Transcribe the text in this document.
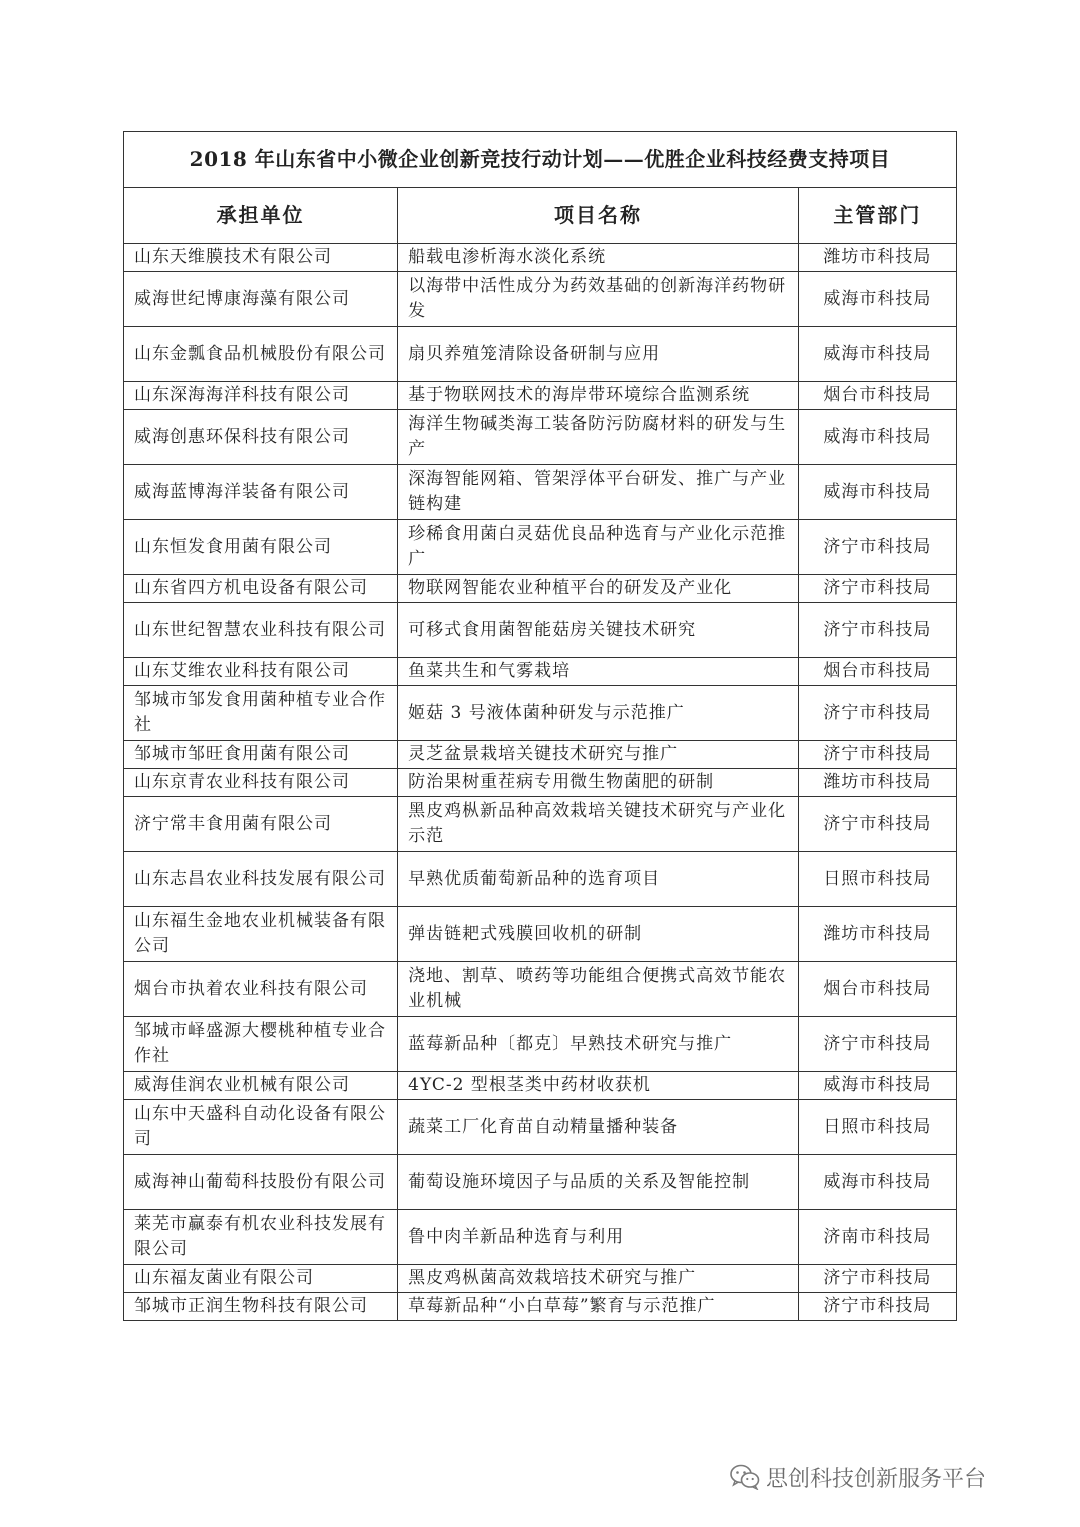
2018 年山东省中小微企业创新竞技行动计划——优胜企业科技经费支持项目		
承担单位	项目名称	主管部门
山东天维膜技术有限公司	船载电渗析海水淡化系统	潍坊市科技局
威海世纪博康海藻有限公司	以海带中活性成分为药效基础的创新海洋药物研发	威海市科技局
山东金瓢食品机械股份有限公司	扇贝养殖笼清除设备研制与应用	威海市科技局
山东深海海洋科技有限公司	基于物联网技术的海岸带环境综合监测系统	烟台市科技局
威海创惠环保科技有限公司	海洋生物碱类海工装备防污防腐材料的研发与生产	威海市科技局
威海蓝博海洋装备有限公司	深海智能网箱、管架浮体平台研发、推广与产业链构建	威海市科技局
山东恒发食用菌有限公司	珍稀食用菌白灵菇优良品种选育与产业化示范推广	济宁市科技局
山东省四方机电设备有限公司	物联网智能农业种植平台的研发及产业化	济宁市科技局
山东世纪智慧农业科技有限公司	可移式食用菌智能菇房关键技术研究	济宁市科技局
山东艾维农业科技有限公司	鱼菜共生和气雾栽培	烟台市科技局
邹城市邹发食用菌种植专业合作社	姬菇 3 号液体菌种研发与示范推广	济宁市科技局
邹城市邹旺食用菌有限公司	灵芝盆景栽培关键技术研究与推广	济宁市科技局
山东京青农业科技有限公司	防治果树重茬病专用微生物菌肥的研制	潍坊市科技局
济宁常丰食用菌有限公司	黑皮鸡枞新品种高效栽培关键技术研究与产业化示范	济宁市科技局
山东志昌农业科技发展有限公司	早熟优质葡萄新品种的选育项目	日照市科技局
山东福生金地农业机械装备有限公司	弹齿链耙式残膜回收机的研制	潍坊市科技局
烟台市执着农业科技有限公司	浇地、割草、喷药等功能组合便携式高效节能农业机械	烟台市科技局
邹城市峄盛源大樱桃种植专业合作社	蓝莓新品种〔都克〕早熟技术研究与推广	济宁市科技局
威海佳润农业机械有限公司	4YC-2 型根茎类中药材收获机	威海市科技局
山东中天盛科自动化设备有限公司	蔬菜工厂化育苗自动精量播种装备	日照市科技局
威海神山葡萄科技股份有限公司	葡萄设施环境因子与品质的关系及智能控制	威海市科技局
莱芜市赢泰有机农业科技发展有限公司	鲁中肉羊新品种选育与利用	济南市科技局
山东福友菌业有限公司	黑皮鸡枞菌高效栽培技术研究与推广	济宁市科技局
邹城市正润生物科技有限公司	草莓新品种“小白草莓”繁育与示范推广	济宁市科技局
思创科技创新服务平台
